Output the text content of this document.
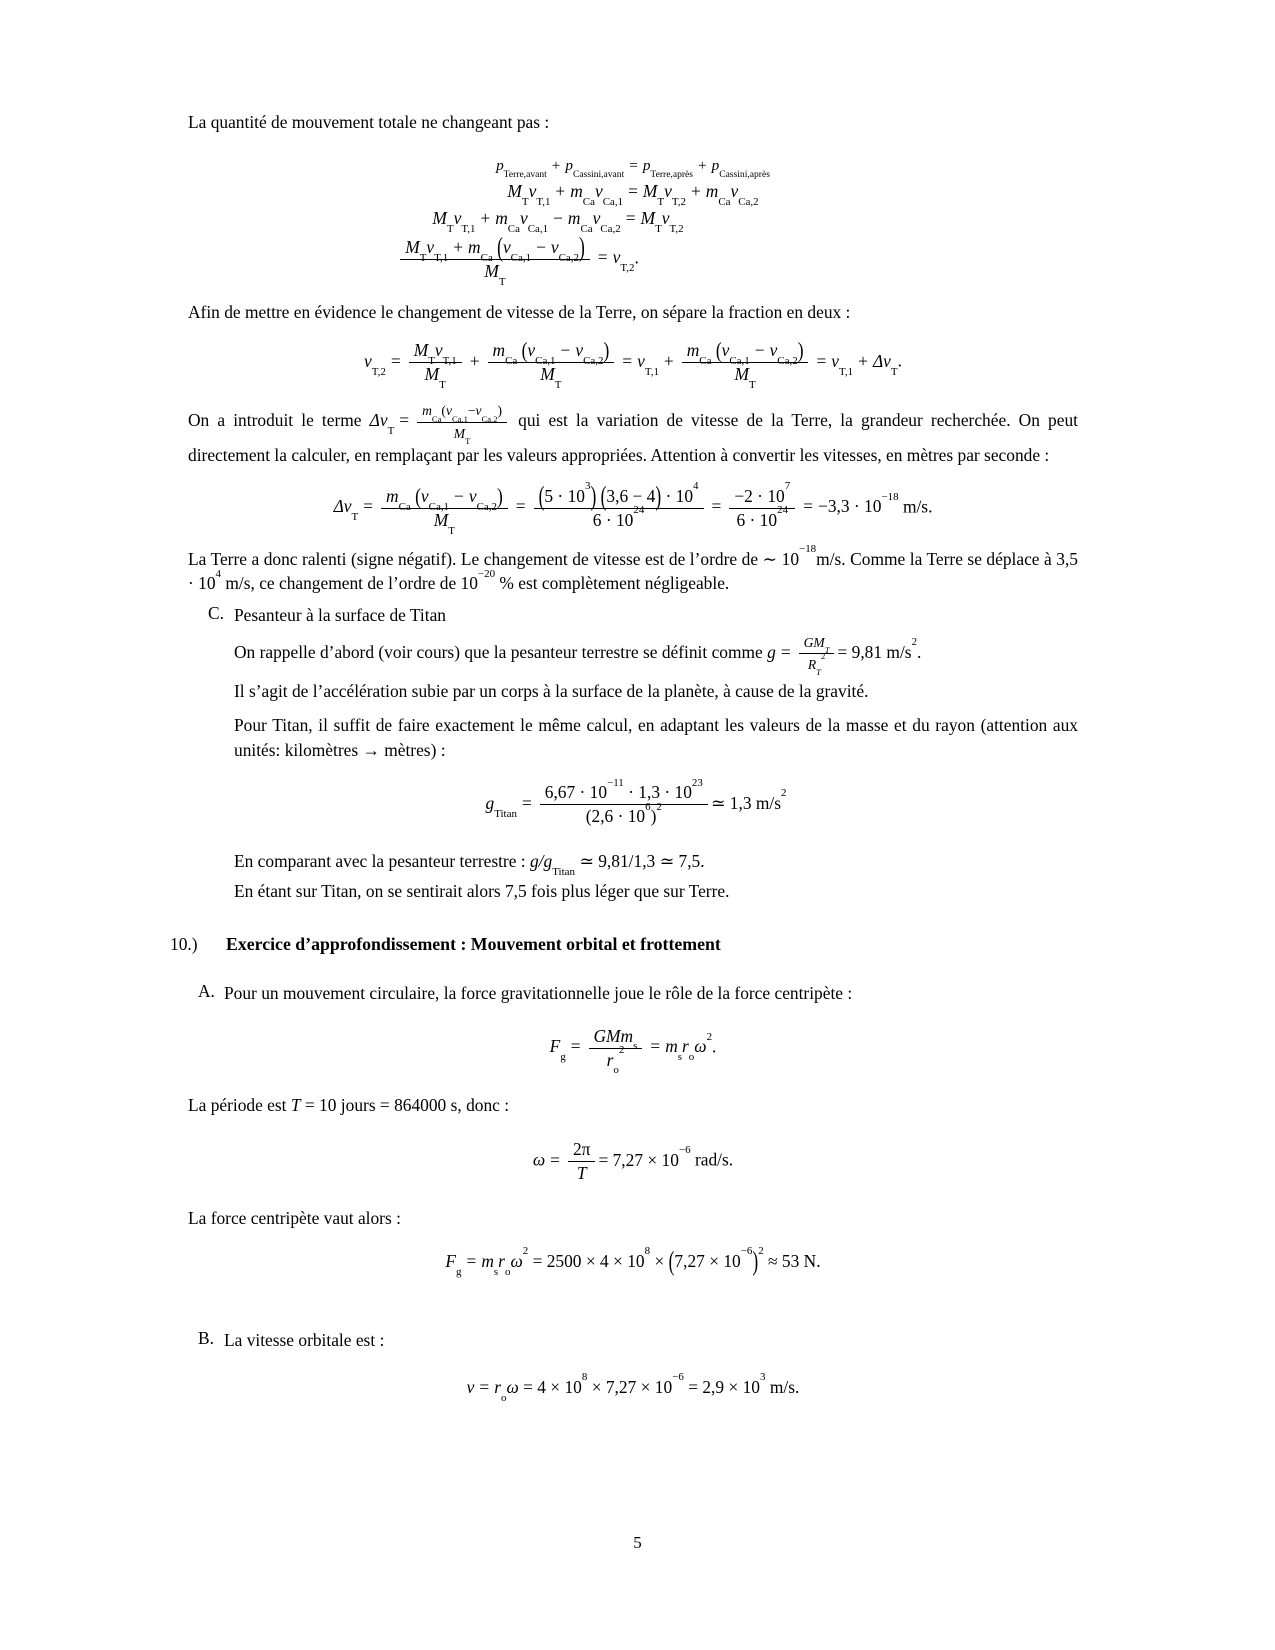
La quantité de mouvement totale ne changeant pas :

$p_{Terre,avant}+ p_{Cassini,avant}= p_{Terre,après}+ p_{Cassini,après}$
$M_Tv_{T,1}+ m_{Ca}v_{Ca,1}= M_Tv_{T,2}+ m_{Ca}v_{Ca,2}$
$M_Tv_{T,1}+ m_{Ca}v_{Ca,1}- m_{Ca}v_{Ca,2}= M_Tv_{T,2}$
$\frac{M_Tv_{T,1}+ m_{Ca} (v_{Ca,1}- v_{Ca,2})}{M_T} = v_{T,2}$.

Afin de mettre en évidence le changement de vitesse de la Terre, on sépare la fraction en deux :

$v_{T,2}= \frac{M_Tv_{T,1}}{M_T} + \frac{m_{Ca} (v_{Ca,1}- v_{Ca,2})}{M_T} = v_{T,1}+ \frac{m_{Ca} (v_{Ca,1}- v_{Ca,2})}{M_T} = v_{T,1}+ \Delta v_T$.

On a introduit le terme $\Delta v_T= \frac{m_{Ca}(v_{Ca,1}-v_{Ca,2})}{M_T}$ qui est la variation de vitesse de la Terre, la grandeur recherchée. On peut directement la calculer, en remplaçant par les valeurs appropriées. Attention à convertir les vitesses, en mètres par seconde :

$\Delta v_T= \frac{m_{Ca} (v_{Ca,1}- v_{Ca,2})}{M_T} = \frac{(5 \cdot 10^3) (3,6 - 4) \cdot 10^4}{6 \cdot 10^{24}} = \frac{-2 \cdot 10^7}{6 \cdot 10^{24}} = -3,3 \cdot 10^{-18}$ m/s.

La Terre a donc ralenti (signe négatif). Le changement de vitesse est de l’ordre de ∼ $10^{-18}m/s$. Comme la Terre se déplace à $3,5 \cdot 10^4$ m/s, ce changement de l’ordre de $10^{-20}$ % est complètement négligeable.

C. Pesanteur à la surface de Titan

On rappelle d’abord (voir cours) que la pesanteur terrestre se définit comme $g = \frac{GM_T}{R_T^2} = 9,81$ $m/s^2$.

Il s’agit de l’accélération subie par un corps à la surface de la planète, à cause de la gravité.

Pour Titan, il suffit de faire exactement le même calcul, en adaptant les valeurs de la masse et du rayon (attention aux unités: kilomètres → mètres) :

$g_{Titan}= \frac{6,67 \cdot 10^{-11} \cdot 1,3 \cdot 10^{23}}{(2,6 \cdot 10^6)^2}$ ≃ 1,3 $m/s^2$

En comparant avec la pesanteur terrestre : $g/g_{Titan}$ ≃ 9,81/1,3 ≃ 7,5.

En étant sur Titan, on se sentirait alors 7,5 fois plus léger que sur Terre.

10.)	Exercice d’approfondissement : Mouvement orbital et frottement
A. Pour un mouvement circulaire, la force gravitationnelle joue le rôle de la force centripète :

$F_g= \frac{GMm_s}{r_o^2} = m_sr_o\omega^2$.

La période est T = 10 jours = 864000 s, donc :

$\omega = \frac{2\pi}{T} = 7,27 \times 10^{-6}$ rad/s.

La force centripète vaut alors :

$F_g= m_sr_o\omega^2 = 2500 \times 4 \times 10^8 \times (7,27 \times 10^{-6})^2 \approx 53$ N.
B. La vitesse orbitale est :

$v = r_o\omega = 4 \times 10^8 \times 7,27 \times 10^{-6} = 2,9 \times 10^3$ m/s.
5
